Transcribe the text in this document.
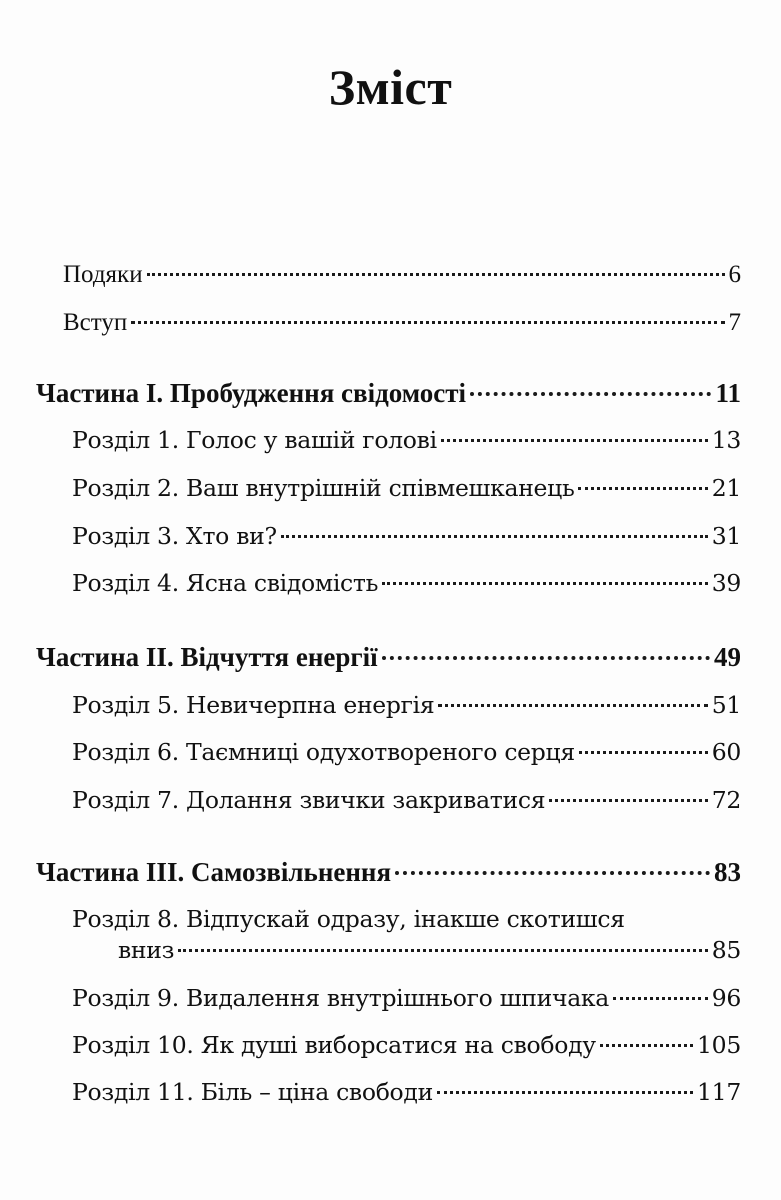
Зміст
Подяки	6
Вступ	7
Частина І. Пробудження свідомості	11
Розділ 1. Голос у вашій голові	13
Розділ 2. Ваш внутрішній співмешканець	21
Розділ 3. Хто ви?	31
Розділ 4. Ясна свідомість	39
Частина II. Відчуття енергії	49
Розділ 5. Невичерпна енергія	51
Розділ 6. Таємниці одухотвореного серця	60
Розділ 7. Долання звички закриватися	72
Частина III. Самозвільнення	83
Розділ 8. Відпускай одразу, інакше скотишся
вниз	85
Розділ 9. Видалення внутрішнього шпичака	96
Розділ 10. Як душі виборсатися на свободу	105
Розділ 11. Біль – ціна свободи	117
